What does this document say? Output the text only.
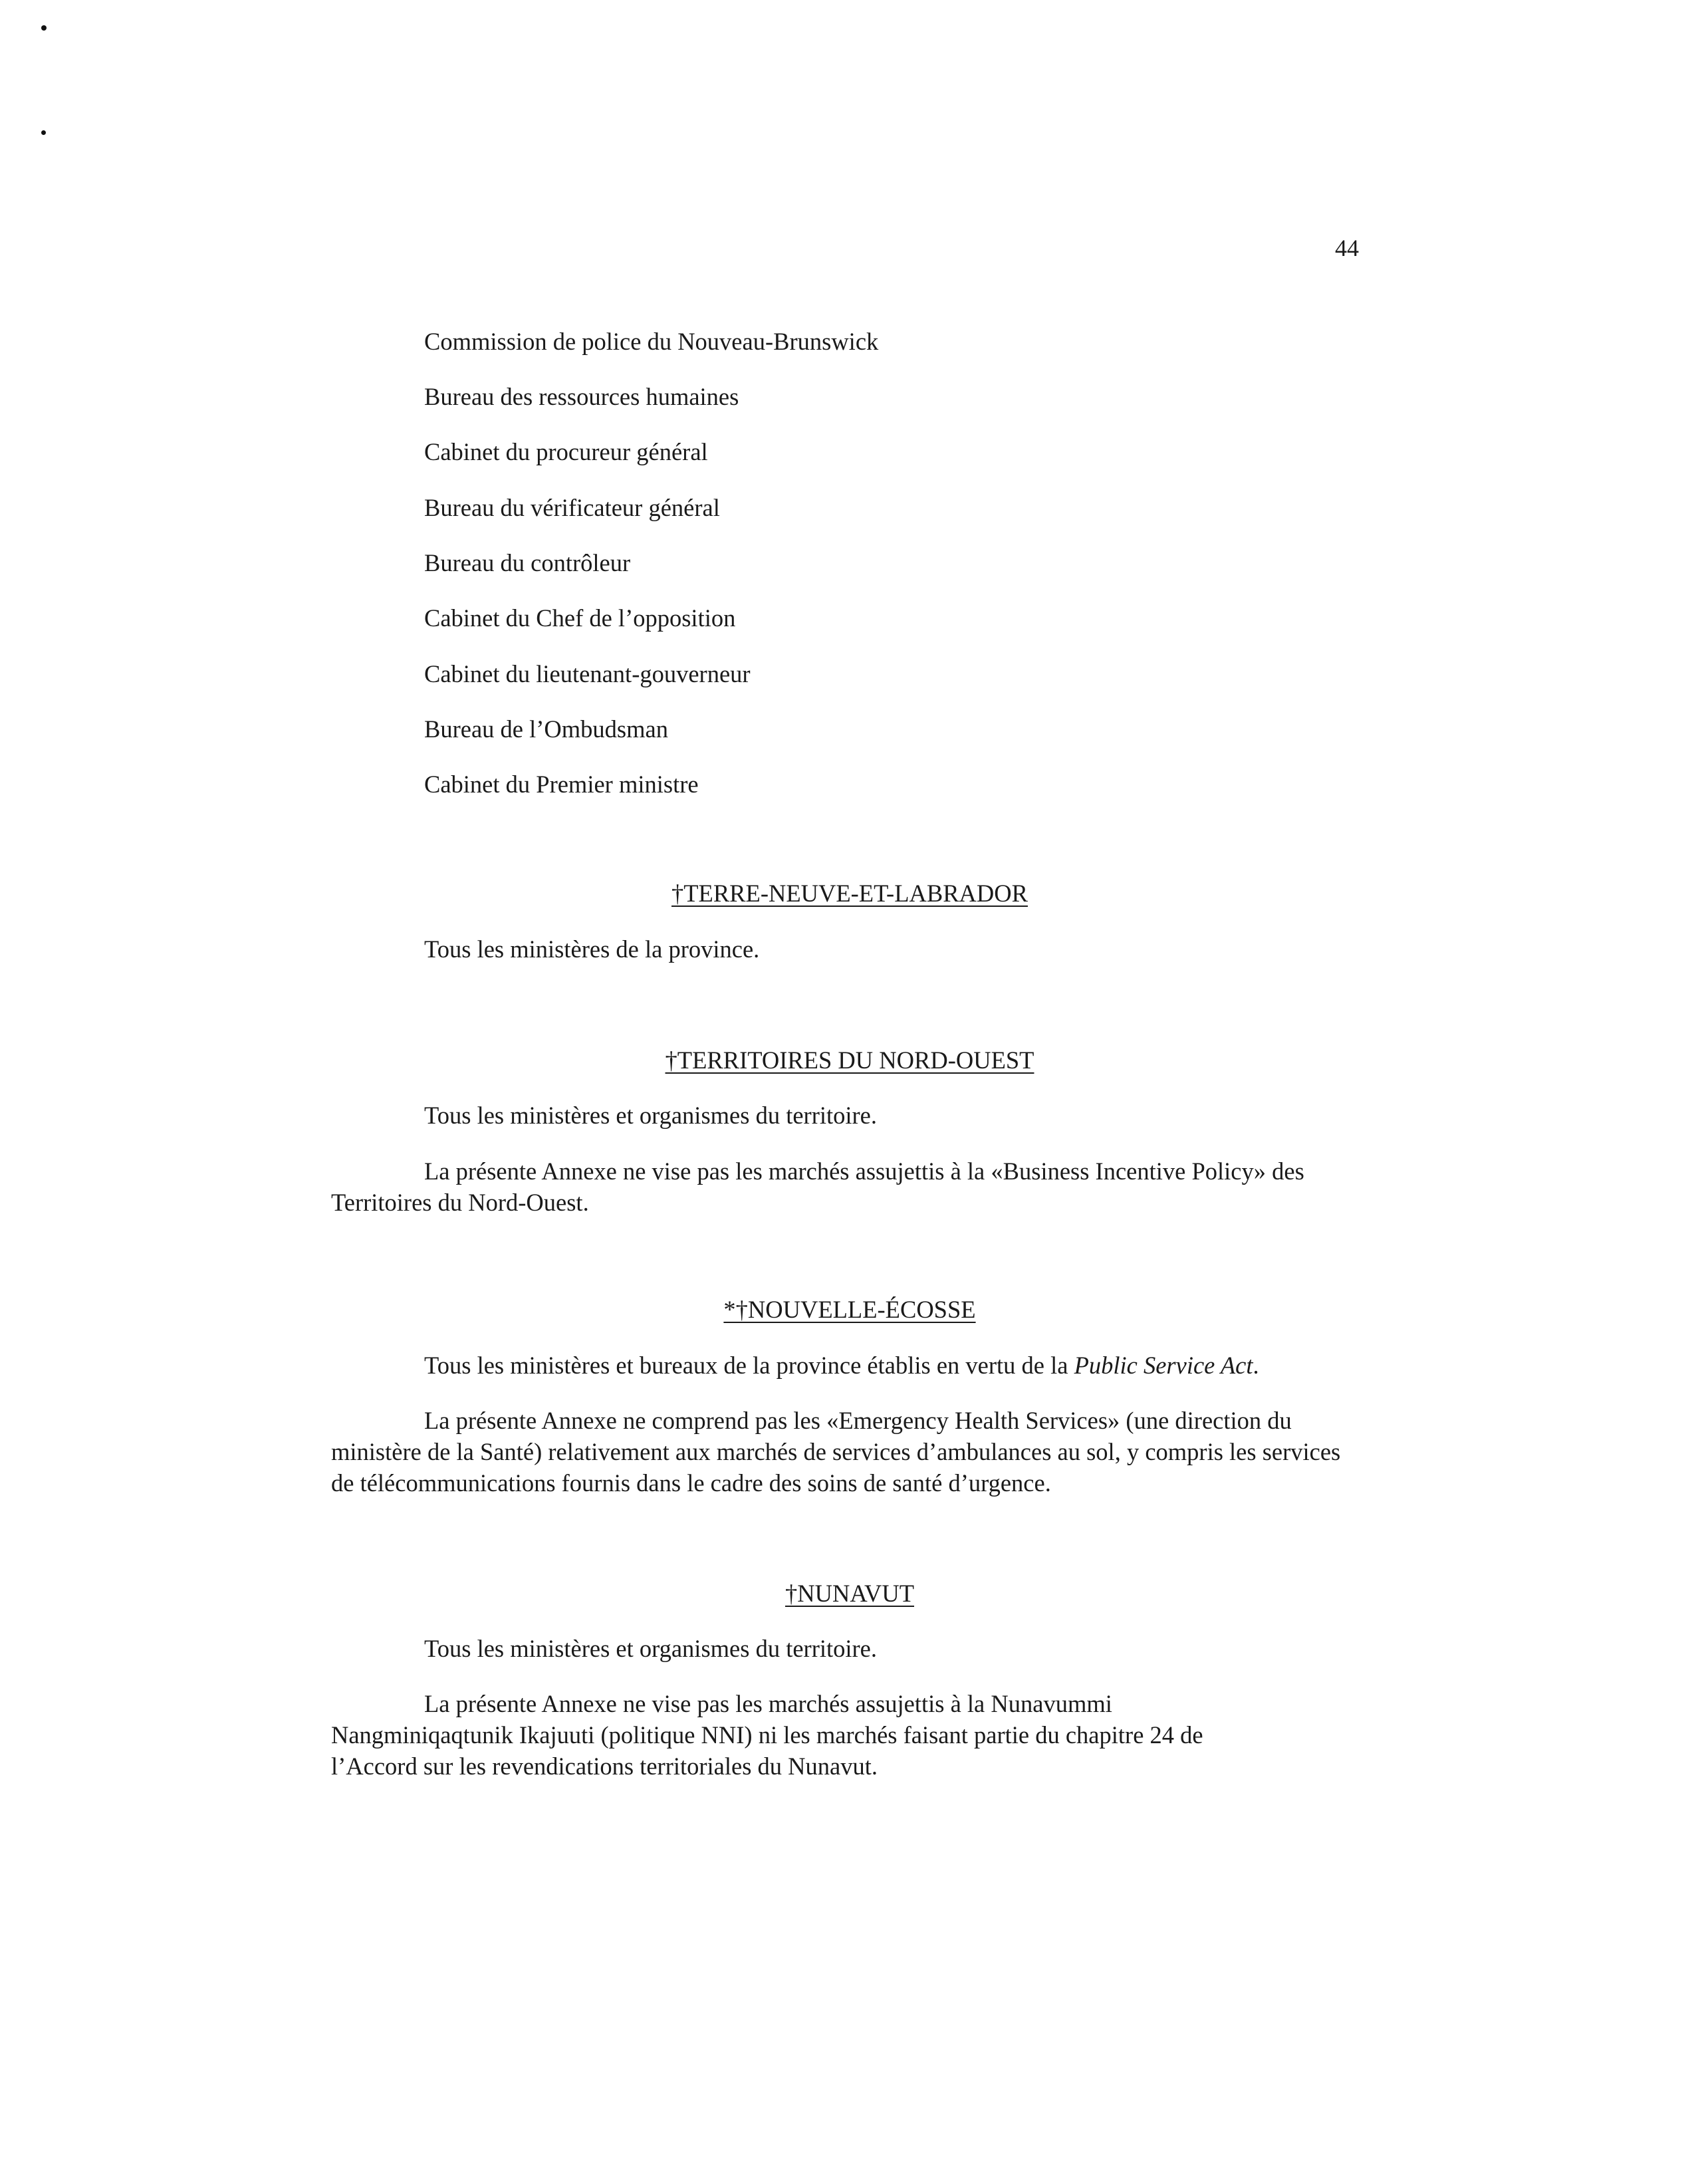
44
Commission de police du Nouveau-Brunswick
Bureau des ressources humaines
Cabinet du procureur général
Bureau du vérificateur général
Bureau du contrôleur
Cabinet du Chef de l’opposition
Cabinet du lieutenant-gouverneur
Bureau de l’Ombudsman
Cabinet du Premier ministre
†TERRE-NEUVE-ET-LABRADOR
Tous les ministères de la province.
†TERRITOIRES DU NORD-OUEST
Tous les ministères et organismes du territoire.

La présente Annexe ne vise pas les marchés assujettis à la «Business Incentive Policy» des Territoires du Nord-Ouest.

*†NOUVELLE-ÉCOSSE
Tous les ministères et bureaux de la province établis en vertu de la Public Service Act.

La présente Annexe ne comprend pas les «Emergency Health Services» (une direction du ministère de la Santé) relativement aux marchés de services d’ambulances au sol, y compris les services de télécommunications fournis dans le cadre des soins de santé d’urgence.

†NUNAVUT
Tous les ministères et organismes du territoire.

La présente Annexe ne vise pas les marchés assujettis à la Nunavummi Nangminiqaqtunik Ikajuuti (politique NNI) ni les marchés faisant partie du chapitre 24 de l’Accord sur les revendications territoriales du Nunavut.
